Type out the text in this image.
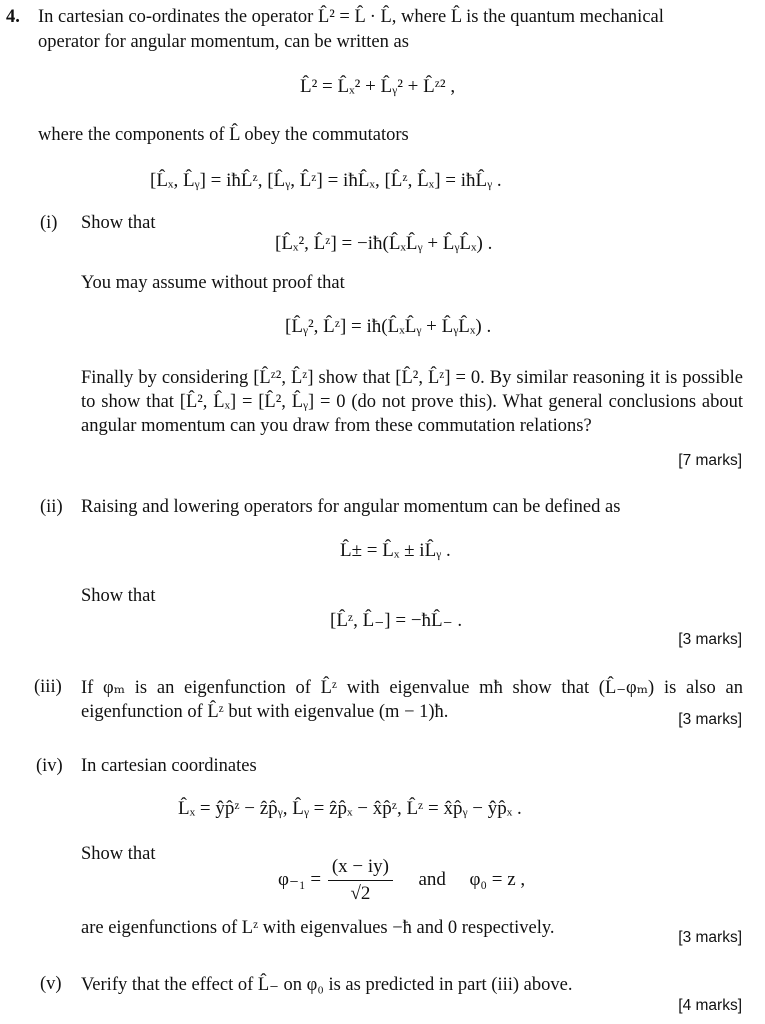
4. In cartesian co-ordinates the operator L̂² = L̂ · L̂, where L̂ is the quantum mechanical
operator for angular momentum, can be written as
L̂² = L̂ₓ² + L̂ᵧ² + L̂ᶻ² ,
where the components of L̂ obey the commutators
[L̂ₓ, L̂ᵧ] = iħL̂ᶻ, [L̂ᵧ, L̂ᶻ] = iħL̂ₓ, [L̂ᶻ, L̂ₓ] = iħL̂ᵧ .
(i) Show that
[L̂ₓ², L̂ᶻ] = −iħ(L̂ₓL̂ᵧ + L̂ᵧL̂ₓ) .
You may assume without proof that
[L̂ᵧ², L̂ᶻ] = iħ(L̂ₓL̂ᵧ + L̂ᵧL̂ₓ) .
Finally by considering [L̂ᶻ², L̂ᶻ] show that [L̂², L̂ᶻ] = 0. By similar reasoning it is possible to show that [L̂², L̂ₓ] = [L̂², L̂ᵧ] = 0 (do not prove this). What general conclusions about angular momentum can you draw from these commutation relations?
[7 marks]
(ii) Raising and lowering operators for angular momentum can be defined as
L̂± = L̂ₓ ± iL̂ᵧ .
Show that
[L̂ᶻ, L̂₋] = −ħL̂₋ .
[3 marks]
(iii) If φₘ is an eigenfunction of L̂ᶻ with eigenvalue mħ show that (L̂₋φₘ) is also an eigenfunction of L̂ᶻ but with eigenvalue (m − 1)ħ.	[3 marks]
(iv) In cartesian coordinates
L̂ₓ = ŷp̂ᶻ − ẑp̂ᵧ, L̂ᵧ = ẑp̂ₓ − x̂p̂ᶻ, L̂ᶻ = x̂p̂ᵧ − ŷp̂ₓ .
Show that
$\varphi_{-1} = \frac{(x - iy)}{√2}$ and φ₀ = z ,
are eigenfunctions of Lᶻ with eigenvalues −ħ and 0 respectively.	[3 marks]
(v) Verify that the effect of L̂₋ on φ₀ is as predicted in part (iii) above.
[4 marks]
